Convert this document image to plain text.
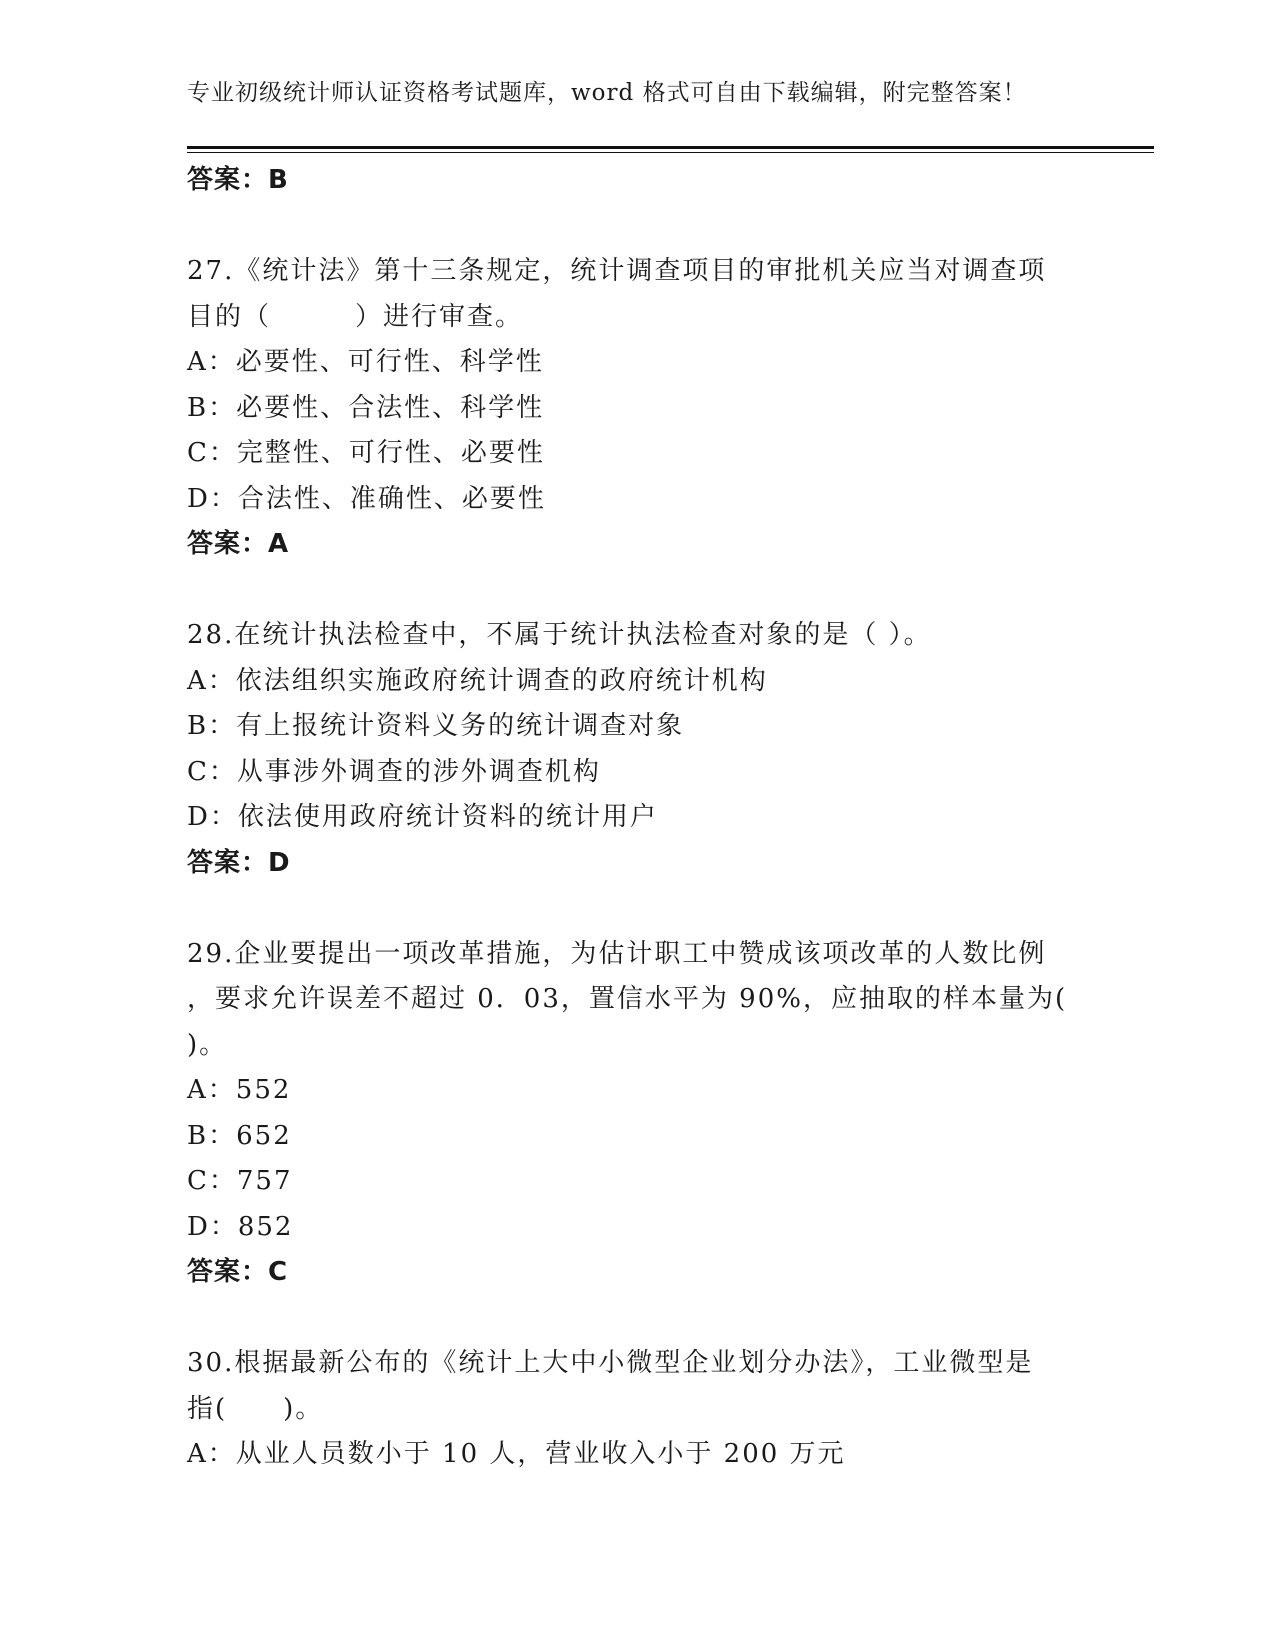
专业初级统计师认证资格考试题库，word 格式可自由下载编辑，附完整答案！
答案：B
27.《统计法》第十三条规定，统计调查项目的审批机关应当对调查项
目的（　　　）进行审查。
A：必要性、可行性、科学性
B：必要性、合法性、科学性
C：完整性、可行性、必要性
D：合法性、准确性、必要性
答案：A
28.在统计执法检查中，不属于统计执法检查对象的是（ ）。
A：依法组织实施政府统计调查的政府统计机构
B：有上报统计资料义务的统计调查对象
C：从事涉外调查的涉外调查机构
D：依法使用政府统计资料的统计用户
答案：D
29.企业要提出一项改革措施，为估计职工中赞成该项改革的人数比例
，要求允许误差不超过 0．03，置信水平为 90%，应抽取的样本量为(
)。
A：552
B：652
C：757
D：852
答案：C
30.根据最新公布的《统计上大中小微型企业划分办法》，工业微型是
指(　　)。
A：从业人员数小于 10 人，营业收入小于 200 万元
